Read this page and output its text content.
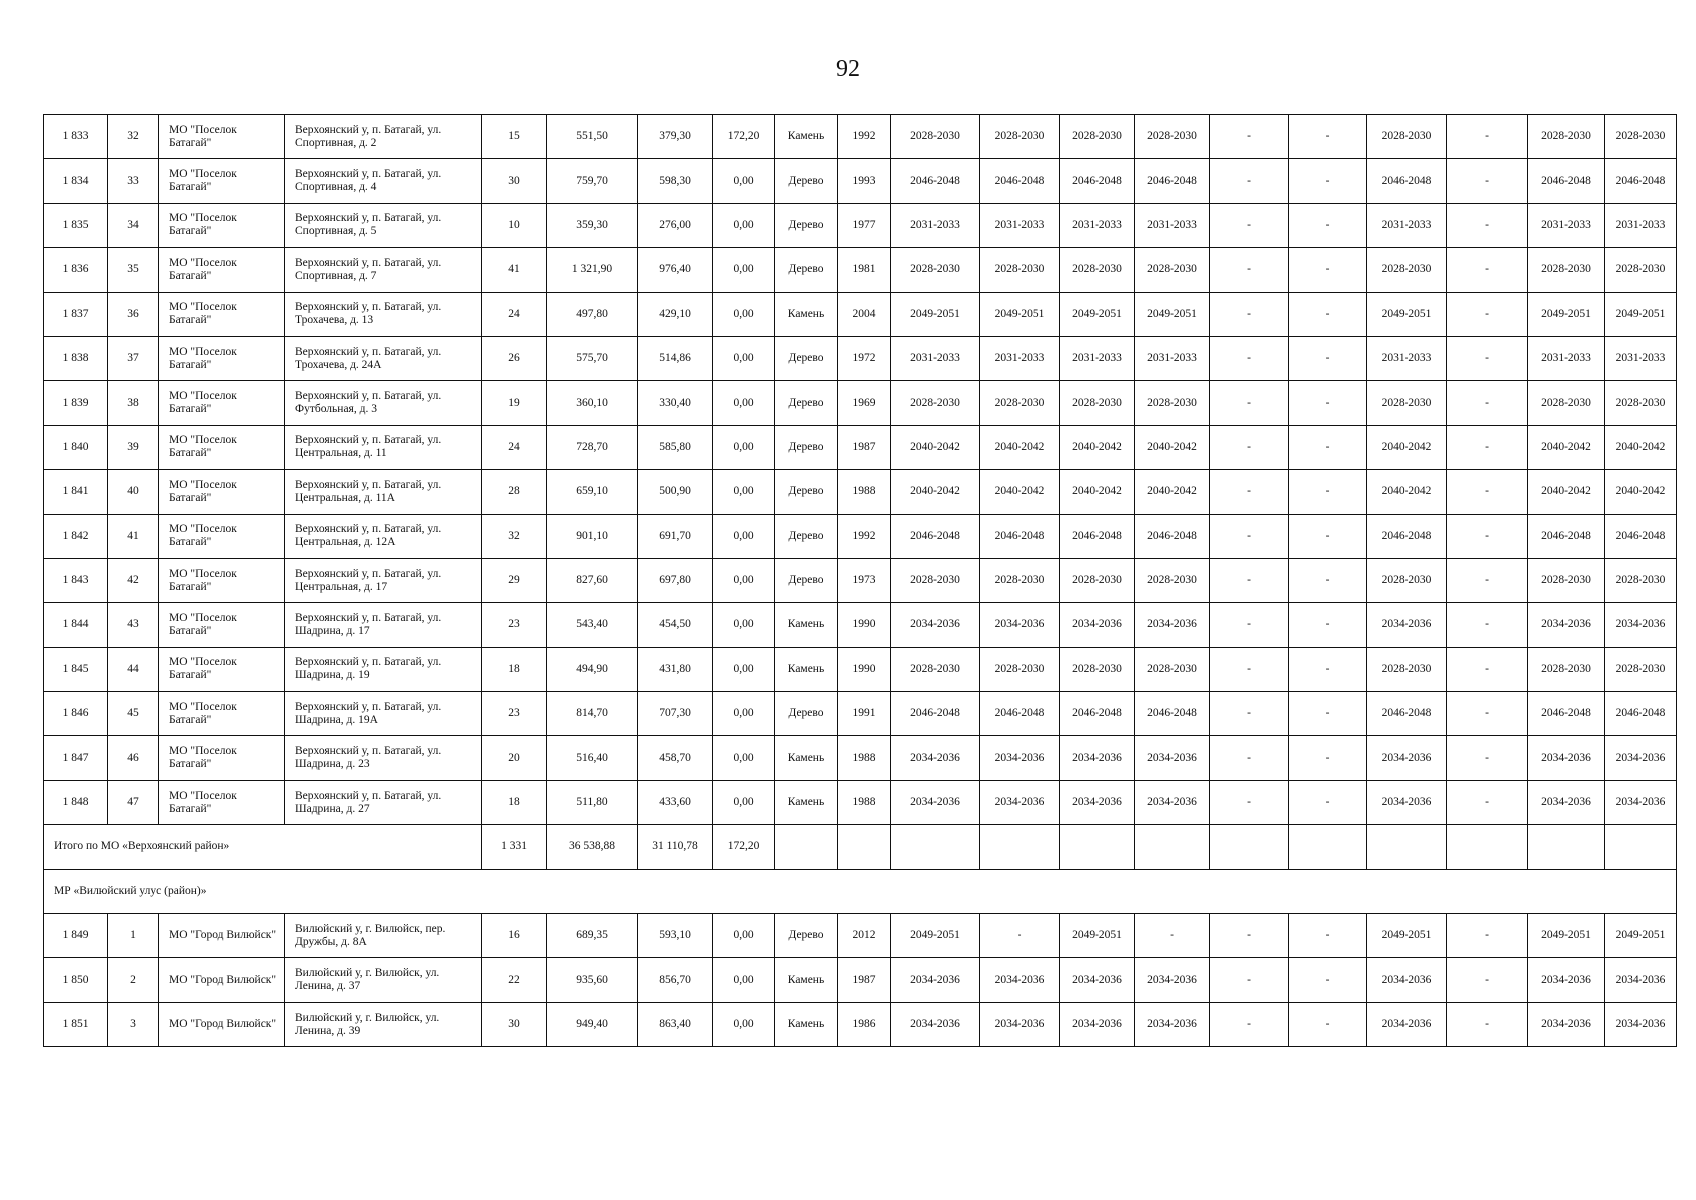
92
1 833	32	МО "Поселок Батагай"	Верхоянский у, п. Батагай, ул. Спортивная, д. 2	15	551,50	379,30	172,20	Камень	1992	2028-2030	2028-2030	2028-2030	2028-2030	-	-	2028-2030	-	2028-2030	2028-2030
1 834	33	МО "Поселок Батагай"	Верхоянский у, п. Батагай, ул. Спортивная, д. 4	30	759,70	598,30	0,00	Дерево	1993	2046-2048	2046-2048	2046-2048	2046-2048	-	-	2046-2048	-	2046-2048	2046-2048
1 835	34	МО "Поселок Батагай"	Верхоянский у, п. Батагай, ул. Спортивная, д. 5	10	359,30	276,00	0,00	Дерево	1977	2031-2033	2031-2033	2031-2033	2031-2033	-	-	2031-2033	-	2031-2033	2031-2033
1 836	35	МО "Поселок Батагай"	Верхоянский у, п. Батагай, ул. Спортивная, д. 7	41	1 321,90	976,40	0,00	Дерево	1981	2028-2030	2028-2030	2028-2030	2028-2030	-	-	2028-2030	-	2028-2030	2028-2030
1 837	36	МО "Поселок Батагай"	Верхоянский у, п. Батагай, ул. Трохачева, д. 13	24	497,80	429,10	0,00	Камень	2004	2049-2051	2049-2051	2049-2051	2049-2051	-	-	2049-2051	-	2049-2051	2049-2051
1 838	37	МО "Поселок Батагай"	Верхоянский у, п. Батагай, ул. Трохачева, д. 24А	26	575,70	514,86	0,00	Дерево	1972	2031-2033	2031-2033	2031-2033	2031-2033	-	-	2031-2033	-	2031-2033	2031-2033
1 839	38	МО "Поселок Батагай"	Верхоянский у, п. Батагай, ул. Футбольная, д. 3	19	360,10	330,40	0,00	Дерево	1969	2028-2030	2028-2030	2028-2030	2028-2030	-	-	2028-2030	-	2028-2030	2028-2030
1 840	39	МО "Поселок Батагай"	Верхоянский у, п. Батагай, ул. Центральная, д. 11	24	728,70	585,80	0,00	Дерево	1987	2040-2042	2040-2042	2040-2042	2040-2042	-	-	2040-2042	-	2040-2042	2040-2042
1 841	40	МО "Поселок Батагай"	Верхоянский у, п. Батагай, ул. Центральная, д. 11А	28	659,10	500,90	0,00	Дерево	1988	2040-2042	2040-2042	2040-2042	2040-2042	-	-	2040-2042	-	2040-2042	2040-2042
1 842	41	МО "Поселок Батагай"	Верхоянский у, п. Батагай, ул. Центральная, д. 12А	32	901,10	691,70	0,00	Дерево	1992	2046-2048	2046-2048	2046-2048	2046-2048	-	-	2046-2048	-	2046-2048	2046-2048
1 843	42	МО "Поселок Батагай"	Верхоянский у, п. Батагай, ул. Центральная, д. 17	29	827,60	697,80	0,00	Дерево	1973	2028-2030	2028-2030	2028-2030	2028-2030	-	-	2028-2030	-	2028-2030	2028-2030
1 844	43	МО "Поселок Батагай"	Верхоянский у, п. Батагай, ул. Шадрина, д. 17	23	543,40	454,50	0,00	Камень	1990	2034-2036	2034-2036	2034-2036	2034-2036	-	-	2034-2036	-	2034-2036	2034-2036
1 845	44	МО "Поселок Батагай"	Верхоянский у, п. Батагай, ул. Шадрина, д. 19	18	494,90	431,80	0,00	Камень	1990	2028-2030	2028-2030	2028-2030	2028-2030	-	-	2028-2030	-	2028-2030	2028-2030
1 846	45	МО "Поселок Батагай"	Верхоянский у, п. Батагай, ул. Шадрина, д. 19А	23	814,70	707,30	0,00	Дерево	1991	2046-2048	2046-2048	2046-2048	2046-2048	-	-	2046-2048	-	2046-2048	2046-2048
1 847	46	МО "Поселок Батагай"	Верхоянский у, п. Батагай, ул. Шадрина, д. 23	20	516,40	458,70	0,00	Камень	1988	2034-2036	2034-2036	2034-2036	2034-2036	-	-	2034-2036	-	2034-2036	2034-2036
1 848	47	МО "Поселок Батагай"	Верхоянский у, п. Батагай, ул. Шадрина, д. 27	18	511,80	433,60	0,00	Камень	1988	2034-2036	2034-2036	2034-2036	2034-2036	-	-	2034-2036	-	2034-2036	2034-2036
Итого по МО «Верхоянский район»				1 331	36 538,88	31 110,78	172,20												
МР «Вилюйский улус (район)»																			
1 849	1	МО "Город Вилюйск"	Вилюйский у, г. Вилюйск, пер. Дружбы, д. 8А	16	689,35	593,10	0,00	Дерево	2012	2049-2051	-	2049-2051	-	-	-	2049-2051	-	2049-2051	2049-2051
1 850	2	МО "Город Вилюйск"	Вилюйский у, г. Вилюйск, ул. Ленина, д. 37	22	935,60	856,70	0,00	Камень	1987	2034-2036	2034-2036	2034-2036	2034-2036	-	-	2034-2036	-	2034-2036	2034-2036
1 851	3	МО "Город Вилюйск"	Вилюйский у, г. Вилюйск, ул. Ленина, д. 39	30	949,40	863,40	0,00	Камень	1986	2034-2036	2034-2036	2034-2036	2034-2036	-	-	2034-2036	-	2034-2036	2034-2036
